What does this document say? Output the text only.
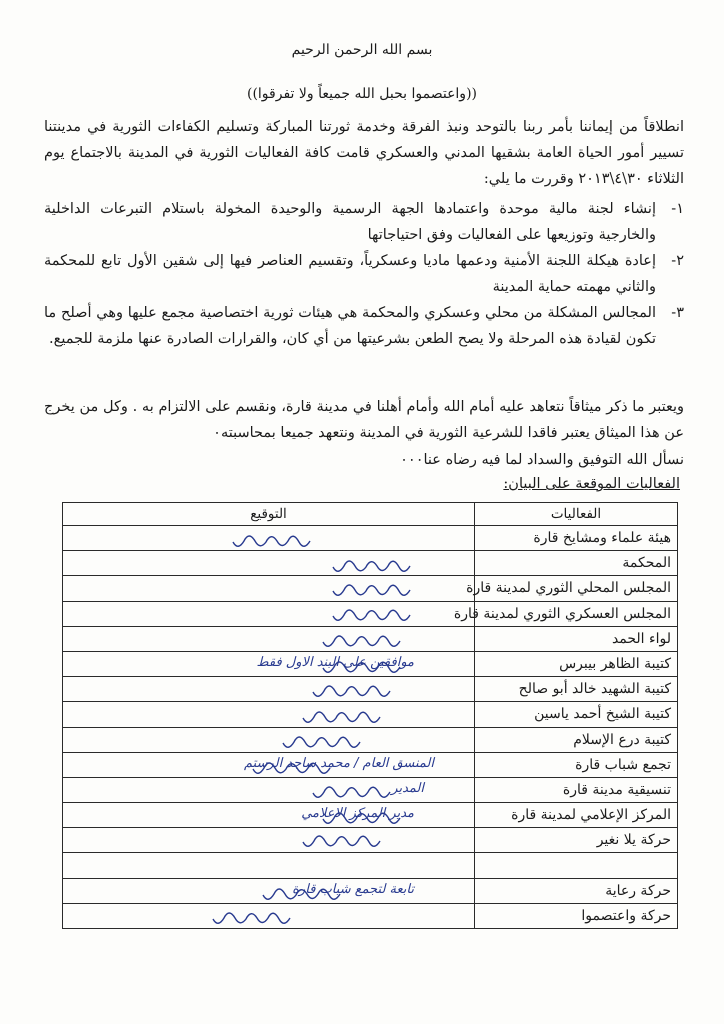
بسم الله الرحمن الرحيم
((واعتصموا بحبل الله جميعاً ولا تفرقوا))
انطلاقاً من إيماننا بأمر ربنا بالتوحد ونبذ الفرقة وخدمة ثورتنا المباركة وتسليم الكفاءات الثورية في مدينتنا تسيير أمور الحياة العامة بشقيها المدني والعسكري قامت كافة الفعاليات الثورية في المدينة بالاجتماع يوم الثلاثاء ٣٠\٤\٢٠١٣ وقررت ما يلي:
١-
إنشاء لجنة مالية موحدة واعتمادها الجهة الرسمية والوحيدة المخولة باستلام التبرعات الداخلية والخارجية وتوزيعها على الفعاليات وفق احتياجاتها
٢-
إعادة هيكلة اللجنة الأمنية ودعمها ماديا وعسكرياً، وتقسيم العناصر فيها إلى شقين الأول تابع للمحكمة والثاني مهمته حماية المدينة
٣-
المجالس المشكلة من محلي وعسكري والمحكمة هي هيئات ثورية اختصاصية مجمع عليها وهي أصلح ما تكون لقيادة هذه المرحلة ولا يصح الطعن بشرعيتها من أي كان، والقرارات الصادرة عنها ملزمة للجميع.
ويعتبر ما ذكر ميثاقاً نتعاهد عليه أمام الله وأمام أهلنا في مدينة قارة، ونقسم على الالتزام به . وكل من يخرج عن هذا الميثاق يعتبر فاقدا للشرعية الثورية في المدينة ونتعهد جميعا بمحاسبته٠
نسأل الله التوفيق والسداد لما فيه رضاه عنا٠٠٠
الفعاليات الموقعة على البيان:
الفعاليات	التوقيع
هيئة علماء ومشايخ قارة	

المحكمة	

المجلس المحلي الثوري لمدينة قارة	

المجلس العسكري الثوري لمدينة قارة	

لواء الحمد	

كتيبة الظاهر بيبرس	موافقين على البند الاول فقط

كتيبة الشهيد خالد أبو صالح	

كتيبة الشيخ أحمد ياسين	

كتيبة درع الإسلام	

تجمع شباب قارة	المنسق العام / محمد ساجد الرستم

تنسيقية مدينة قارة	المدير

المركز الإعلامي لمدينة قارة	مدير المركز الاعلامي

حركة يلا نغير	

حركة رعاية	تابعة لتجمع شباب قارة

حركة واعتصموا	
